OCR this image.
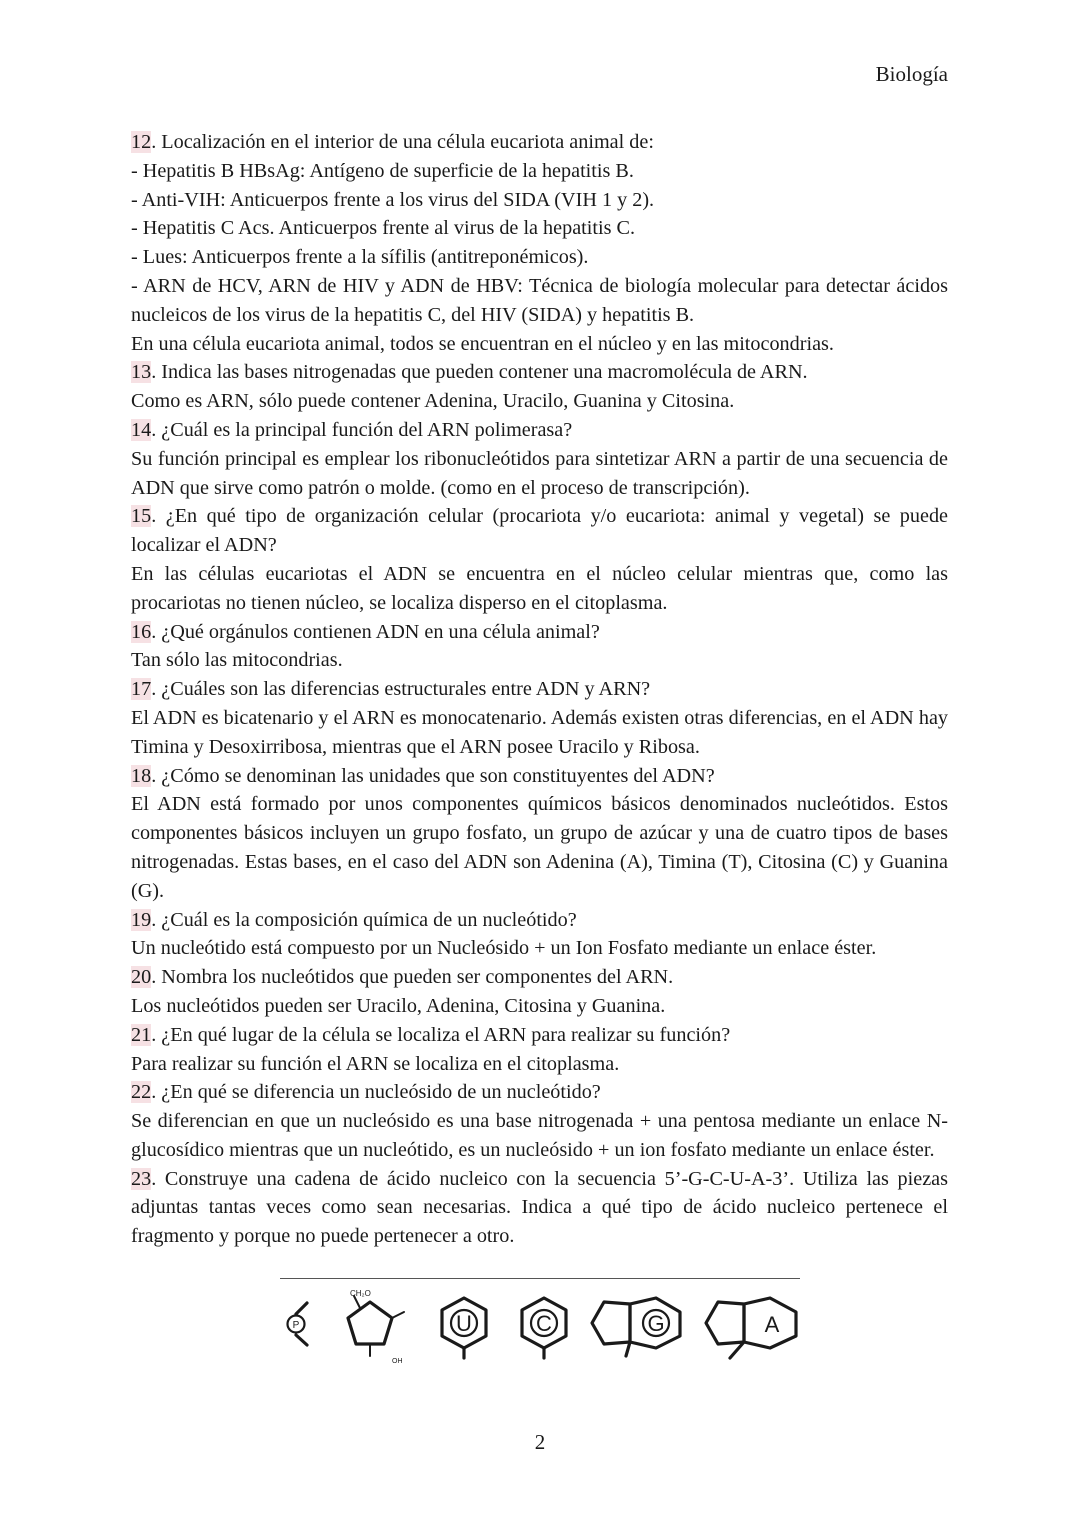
Biología

12. Localización en el interior de una célula eucariota animal de:

- Hepatitis B HBsAg: Antígeno de superficie de la hepatitis B.

- Anti-VIH: Anticuerpos frente a los virus del SIDA (VIH 1 y 2).

- Hepatitis C Acs. Anticuerpos frente al virus de la hepatitis C.

- Lues: Anticuerpos frente a la sífilis (antitreponémicos).

- ARN de HCV, ARN de HIV y ADN de HBV: Técnica de biología molecular para detectar ácidos nucleicos de los virus de la hepatitis C, del HIV (SIDA) y hepatitis B.

En una célula eucariota animal, todos se encuentran en el núcleo y en las mitocondrias.

13. Indica las bases nitrogenadas que pueden contener una macromolécula de ARN.

Como es ARN, sólo puede contener Adenina, Uracilo, Guanina y Citosina.

14. ¿Cuál es la principal función del ARN polimerasa?

Su función principal es emplear los ribonucleótidos para sintetizar ARN a partir de una secuencia de ADN que sirve como patrón o molde. (como en el proceso de transcripción).

15. ¿En qué tipo de organización celular (procariota y/o eucariota: animal y vegetal) se puede localizar el ADN?

En las células eucariotas el ADN se encuentra en el núcleo celular mientras que, como las procariotas no tienen núcleo, se localiza disperso en el citoplasma.

16. ¿Qué orgánulos contienen ADN en una célula animal?

Tan sólo las mitocondrias.

17. ¿Cuáles son las diferencias estructurales entre ADN y ARN?

El ADN es bicatenario y el ARN es monocatenario. Además existen otras diferencias, en el ADN hay Timina y Desoxirribosa, mientras que el ARN posee Uracilo y Ribosa.

18. ¿Cómo se denominan las unidades que son constituyentes del ADN?

El ADN está formado por unos componentes químicos básicos denominados nucleótidos. Estos componentes básicos incluyen un grupo fosfato, un grupo de azúcar y una de cuatro tipos de bases nitrogenadas. Estas bases, en el caso del ADN son Adenina (A), Timina (T), Citosina (C) y Guanina (G).

19. ¿Cuál es la composición química de un nucleótido?

Un nucleótido está compuesto por un Nucleósido + un Ion Fosfato mediante un enlace éster.

20. Nombra los nucleótidos que pueden ser componentes del ARN.

Los nucleótidos pueden ser Uracilo, Adenina, Citosina y Guanina.

21. ¿En qué lugar de la célula se localiza el ARN para realizar su función?

Para realizar su función el ARN se localiza en el citoplasma.

22. ¿En qué se diferencia un nucleósido de un nucleótido?

Se diferencian en que un nucleósido es una base nitrogenada + una pentosa mediante un enlace N-glucosídico mientras que un nucleótido, es un nucleósido + un ion fosfato mediante un enlace éster.

23. Construye una cadena de ácido nucleico con la secuencia 5’-G-C-U-A-3’. Utiliza las piezas adjuntas tantas veces como sean necesarias. Indica a qué tipo de ácido nucleico pertenece el fragmento y porque no puede pertenecer a otro.

P
CH₂O
OH
U	C	G	A
2
